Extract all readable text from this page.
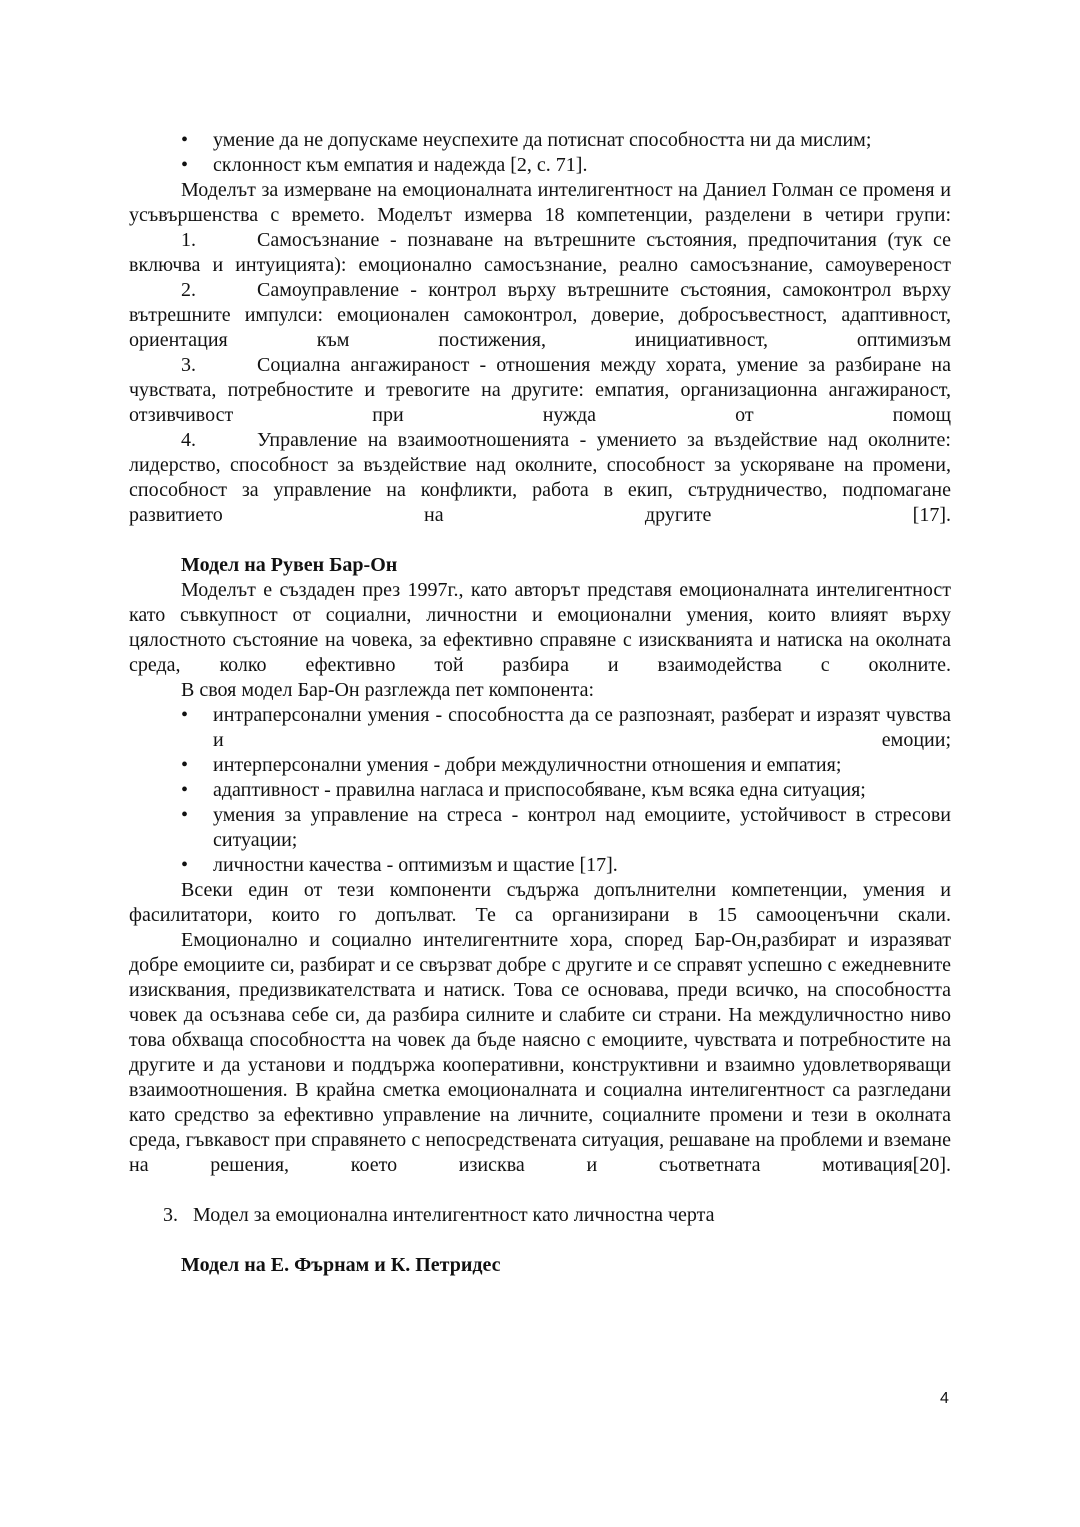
•	умение да не допускаме неуспехите да потиснат способността ни да мислим;
•	склонност към емпатия и надежда [2, с. 71].

Моделът за измерване на емоционалната интелигентност на Даниел Голман се променя и усъвършенства с времето. Моделът измерва 18 компетенции, разделени в четири групи:

1.	Самосъзнание - познаване на вътрешните състояния, предпочитания (тук се включва и интуицията): емоционално самосъзнание, реално самосъзнание, самоувереност
2.	Самоуправление - контрол върху вътрешните състояния, самоконтрол върху вътрешните импулси: емоционален самоконтрол, доверие, добросъвестност, адаптивност, ориентация към постижения, инициативност, оптимизъм
3.	Социална ангажираност - отношения между хората, умение за разбиране на чувствата, потребностите и тревогите на другите: емпатия, организационна ангажираност, отзивчивост при нужда от помощ
4.	Управление на взаимоотношенията - умението за въздействие над околните: лидерство, способност за въздействие над околните, способност за ускоряване на промени, способност за управление на конфликти, работа в екип, сътрудничество, подпомагане развитието на другите [17].

Модел на Рувен Бар-Он

Моделът е създаден през 1997г., като авторът представя емоционалната интелигентност като съвкупност от социални, личностни и емоционални умения, които влияят върху цялостното състояние на човека, за ефективно справяне с изискванията и натиска на околната среда, колко ефективно той разбира и взаимодейства с околните.

В своя модел Бар-Он разглежда пет компонента:

•	интраперсонални умения - способността да се разпознаят, разберат и изразят чувства и емоции;
•	интерперсонални умения - добри междуличностни отношения и емпатия;
•	адаптивност - правилна нагласа и приспособяване, към всяка една ситуация;
•	умения за управление на стреса - контрол над емоциите, устойчивост в стресови ситуации;
•	личностни качества - оптимизъм и щастие [17].

Всеки един от тези компоненти съдържа допълнителни компетенции, умения и фасилитатори, които го допълват. Те са организирани в 15 самооценъчни скали.

Емоционално и социално интелигентните хора, според Бар-Он,разбират и изразяват добре емоциите си, разбират и се свързват добре с другите и се справят успешно с ежедневните изисквания, предизвикателствата и натиск. Това се основава, преди всичко, на способността човек да осъзнава себе си, да разбира силните и слабите си страни. На междуличностно ниво това обхваща способността на човек да бъде наясно с емоциите, чувствата и потребностите на другите и да установи и поддържа кооперативни, конструктивни и взаимно удовлетворяващи взаимоотношения. В крайна сметка емоционалната и социална интелигентност са разгледани като средство за ефективно управление на личните, социалните промени и тези в околната среда, гъвкавост при справянето с непосредствената ситуация, решаване на проблеми и вземане на решения, което изисква и съответната мотивация[20].

3. Модел за емоционална интелигентност като личностна черта

Модел на Е. Фърнам и К. Петридес

4
